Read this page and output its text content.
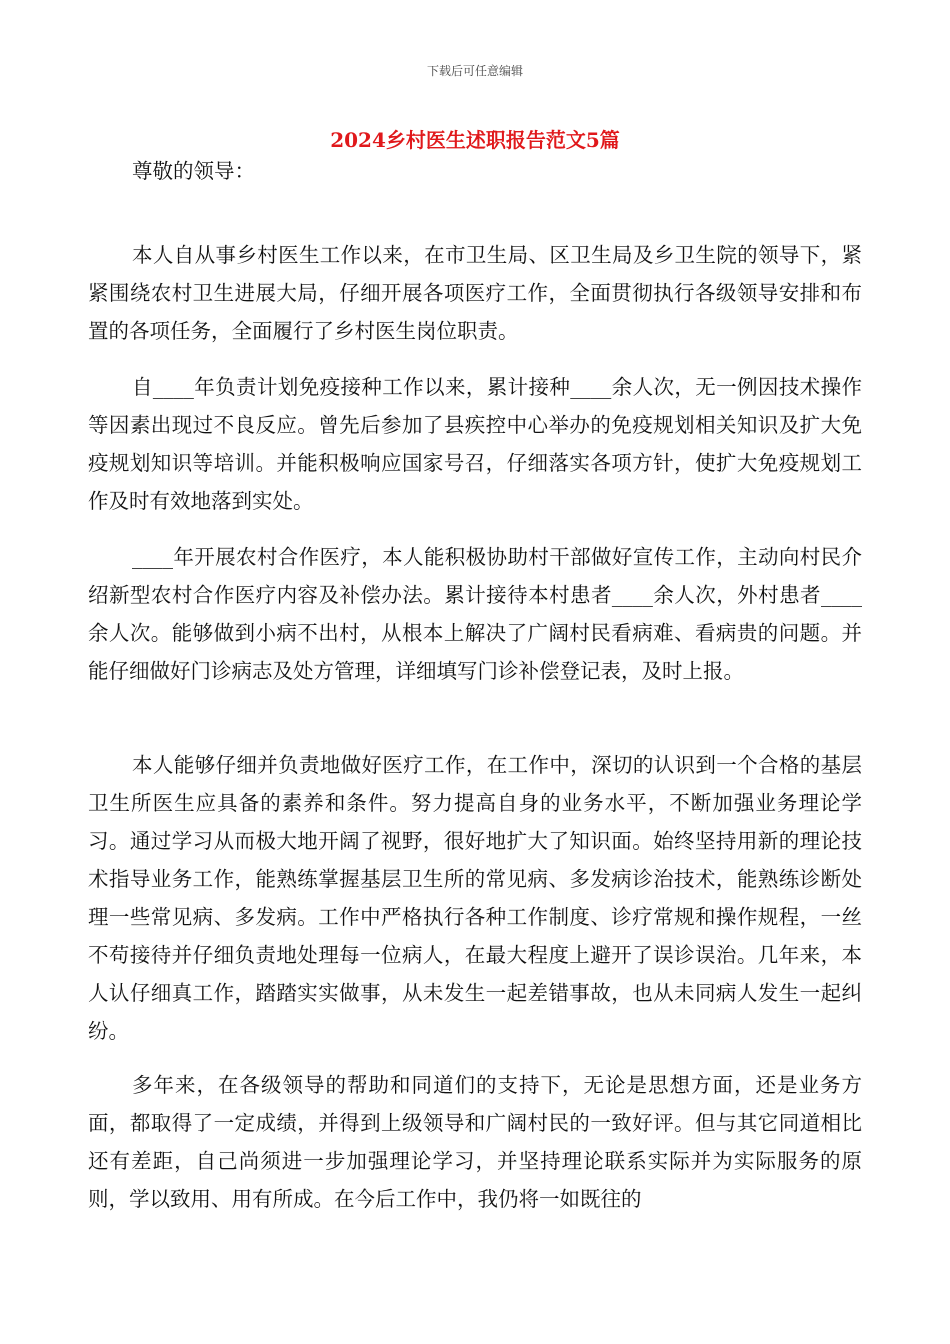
下载后可任意编辑
2024乡村医生述职报告范文5篇

尊敬的领导：

本人自从事乡村医生工作以来，在市卫生局、区卫生局及乡卫生院的领导下，紧紧围绕农村卫生进展大局，仔细开展各项医疗工作，全面贯彻执行各级领导安排和布置的各项任务，全面履行了乡村医生岗位职责。

自____年负责计划免疫接种工作以来，累计接种____余人次，无一例因技术操作等因素出现过不良反应。曾先后参加了县疾控中心举办的免疫规划相关知识及扩大免疫规划知识等培训。并能积极响应国家号召，仔细落实各项方针，使扩大免疫规划工作及时有效地落到实处。

____年开展农村合作医疗，本人能积极协助村干部做好宣传工作，主动向村民介绍新型农村合作医疗内容及补偿办法。累计接待本村患者____余人次，外村患者____余人次。能够做到小病不出村，从根本上解决了广阔村民看病难、看病贵的问题。并能仔细做好门诊病志及处方管理，详细填写门诊补偿登记表，及时上报。

本人能够仔细并负责地做好医疗工作，在工作中，深切的认识到一个合格的基层卫生所医生应具备的素养和条件。努力提高自身的业务水平，不断加强业务理论学习。通过学习从而极大地开阔了视野，很好地扩大了知识面。始终坚持用新的理论技术指导业务工作，能熟练掌握基层卫生所的常见病、多发病诊治技术，能熟练诊断处理一些常见病、多发病。工作中严格执行各种工作制度、诊疗常规和操作规程，一丝不苟接待并仔细负责地处理每一位病人，在最大程度上避开了误诊误治。几年来，本人认仔细真工作，踏踏实实做事，从未发生一起差错事故，也从未同病人发生一起纠纷。

多年来，在各级领导的帮助和同道们的支持下，无论是思想方面，还是业务方面，都取得了一定成绩，并得到上级领导和广阔村民的一致好评。但与其它同道相比还有差距，自己尚须进一步加强理论学习，并坚持理论联系实际并为实际服务的原则，学以致用、用有所成。在今后工作中，我仍将一如既往的
